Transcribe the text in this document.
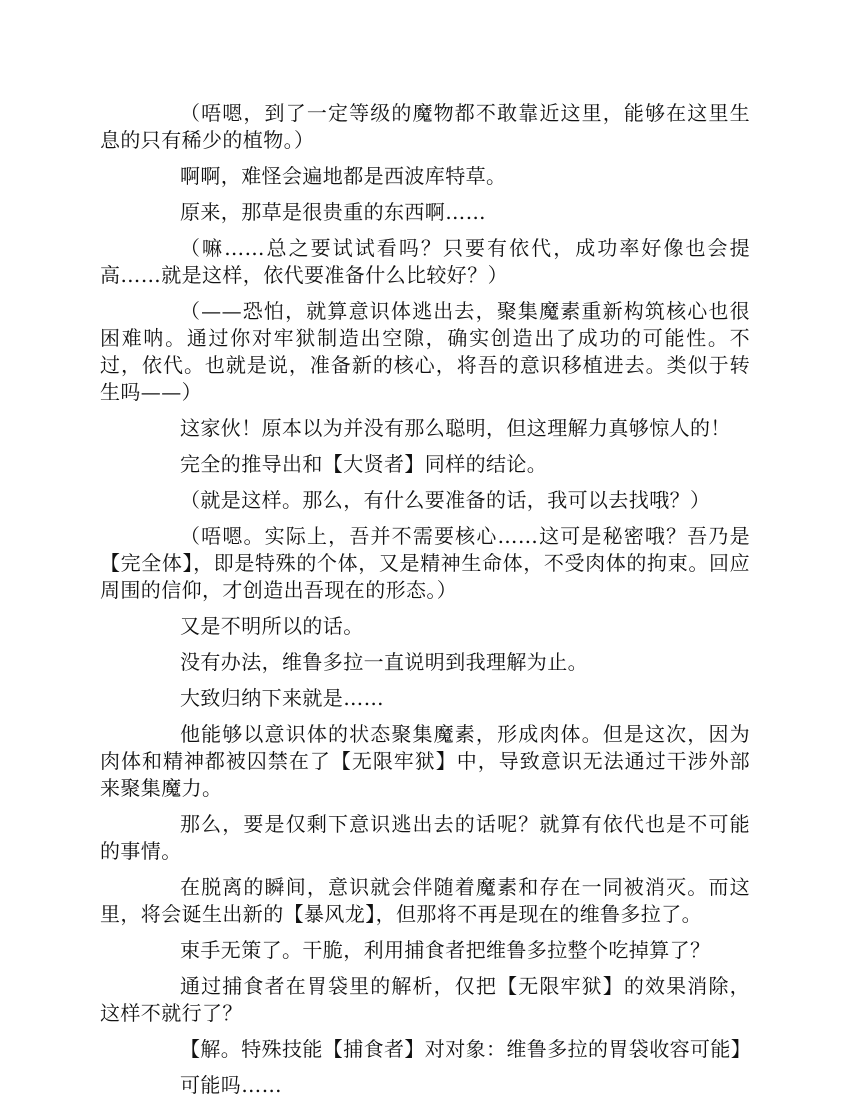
（唔嗯，到了一定等级的魔物都不敢靠近这里，能够在这里生息的只有稀少的植物。）

啊啊，难怪会遍地都是西波库特草。

原来，那草是很贵重的东西啊……

（嘛……总之要试试看吗？只要有依代，成功率好像也会提高……就是这样，依代要准备什么比较好？）

（——恐怕，就算意识体逃出去，聚集魔素重新构筑核心也很困难呐。通过你对牢狱制造出空隙，确实创造出了成功的可能性。不过，依代。也就是说，准备新的核心，将吾的意识移植进去。类似于转生吗——）

这家伙！原本以为并没有那么聪明，但这理解力真够惊人的！

完全的推导出和【大贤者】同样的结论。

（就是这样。那么，有什么要准备的话，我可以去找哦？）

（唔嗯。实际上，吾并不需要核心……这可是秘密哦？吾乃是【完全体】，即是特殊的个体，又是精神生命体，不受肉体的拘束。回应周围的信仰，才创造出吾现在的形态。）

又是不明所以的话。

没有办法，维鲁多拉一直说明到我理解为止。

大致归纳下来就是……

他能够以意识体的状态聚集魔素，形成肉体。但是这次，因为肉体和精神都被囚禁在了【无限牢狱】中，导致意识无法通过干涉外部来聚集魔力。

那么，要是仅剩下意识逃出去的话呢？就算有依代也是不可能的事情。

在脱离的瞬间，意识就会伴随着魔素和存在一同被消灭。而这里，将会诞生出新的【暴风龙】，但那将不再是现在的维鲁多拉了。

束手无策了。干脆，利用捕食者把维鲁多拉整个吃掉算了？

通过捕食者在胃袋里的解析，仅把【无限牢狱】的效果消除，这样不就行了？

【解。特殊技能【捕食者】对对象：维鲁多拉的胃袋收容可能】

可能吗……
